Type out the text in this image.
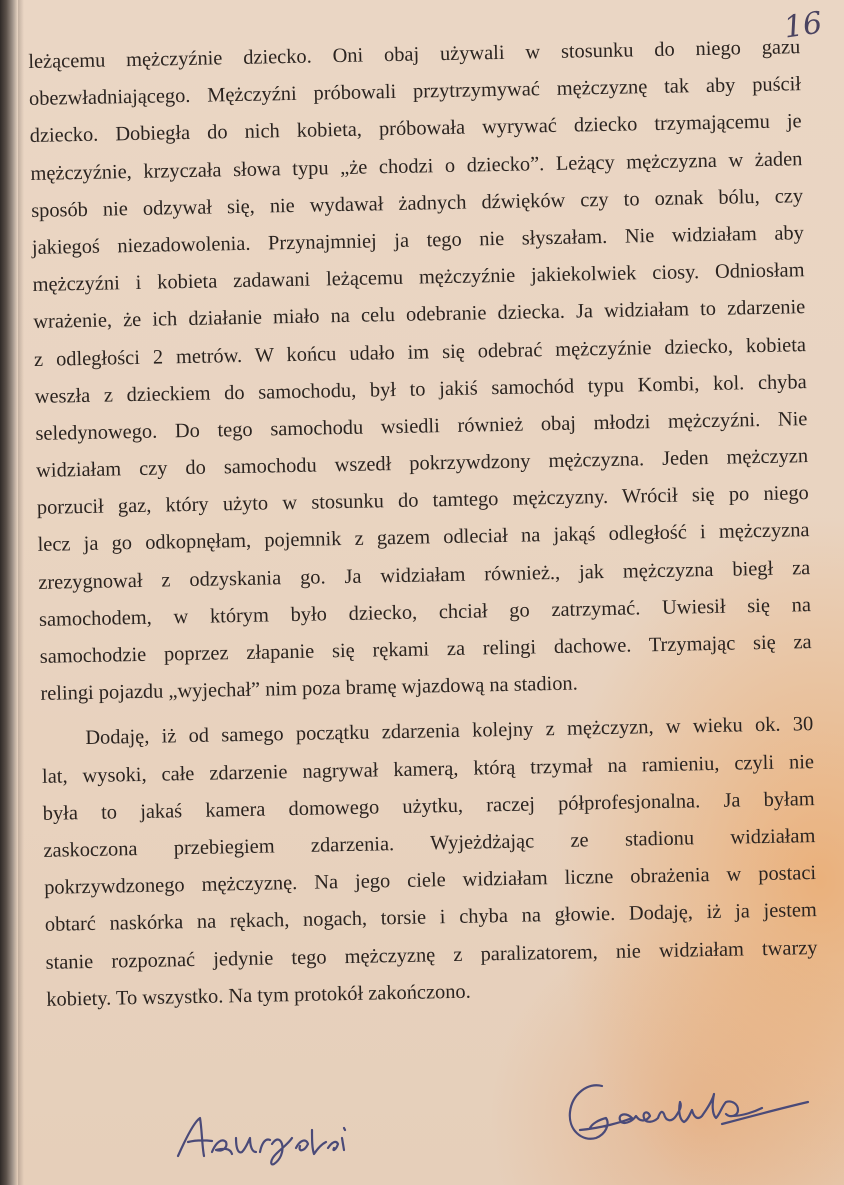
16
leżącemu mężczyźnie dziecko. Oni obaj używali w stosunku do niego gazu
obezwładniającego. Mężczyźni próbowali przytrzymywać mężczyznę tak aby puścił
dziecko. Dobiegła do nich kobieta, próbowała wyrywać dziecko trzymającemu je
mężczyźnie, krzyczała słowa typu „że chodzi o dziecko”. Leżący mężczyzna w żaden
sposób nie odzywał się, nie wydawał żadnych dźwięków czy to oznak bólu, czy
jakiegoś niezadowolenia. Przynajmniej ja tego nie słyszałam. Nie widziałam aby
mężczyźni i kobieta zadawani leżącemu mężczyźnie jakiekolwiek ciosy. Odniosłam
wrażenie, że ich działanie miało na celu odebranie dziecka. Ja widziałam to zdarzenie
z odległości 2 metrów. W końcu udało im się odebrać mężczyźnie dziecko, kobieta
weszła z dzieckiem do samochodu, był to jakiś samochód typu Kombi, kol. chyba
seledynowego. Do tego samochodu wsiedli również obaj młodzi mężczyźni. Nie
widziałam czy do samochodu wszedł pokrzywdzony mężczyzna. Jeden mężczyzn
porzucił gaz, który użyto w stosunku do tamtego mężczyzny. Wrócił się po niego
lecz ja go odkopnęłam, pojemnik z gazem odleciał na jakąś odległość i mężczyzna
zrezygnował z odzyskania go. Ja widziałam również., jak mężczyzna biegł za
samochodem, w którym było dziecko, chciał go zatrzymać. Uwiesił się na
samochodzie poprzez złapanie się rękami za relingi dachowe. Trzymając się za
relingi pojazdu „wyjechał” nim poza bramę wjazdową na stadion.
Dodaję, iż od samego początku zdarzenia kolejny z mężczyzn, w wieku ok. 30
lat, wysoki, całe zdarzenie nagrywał kamerą, którą trzymał na ramieniu, czyli nie
była to jakaś kamera domowego użytku, raczej półprofesjonalna. Ja byłam
zaskoczona przebiegiem zdarzenia. Wyjeżdżając ze stadionu widziałam
pokrzywdzonego mężczyznę. Na jego ciele widziałam liczne obrażenia w postaci
obtarć naskórka na rękach, nogach, torsie i chyba na głowie. Dodaję, iż ja jestem
stanie rozpoznać jedynie tego mężczyznę z paralizatorem, nie widziałam twarzy
kobiety. To wszystko. Na tym protokół zakończono.
